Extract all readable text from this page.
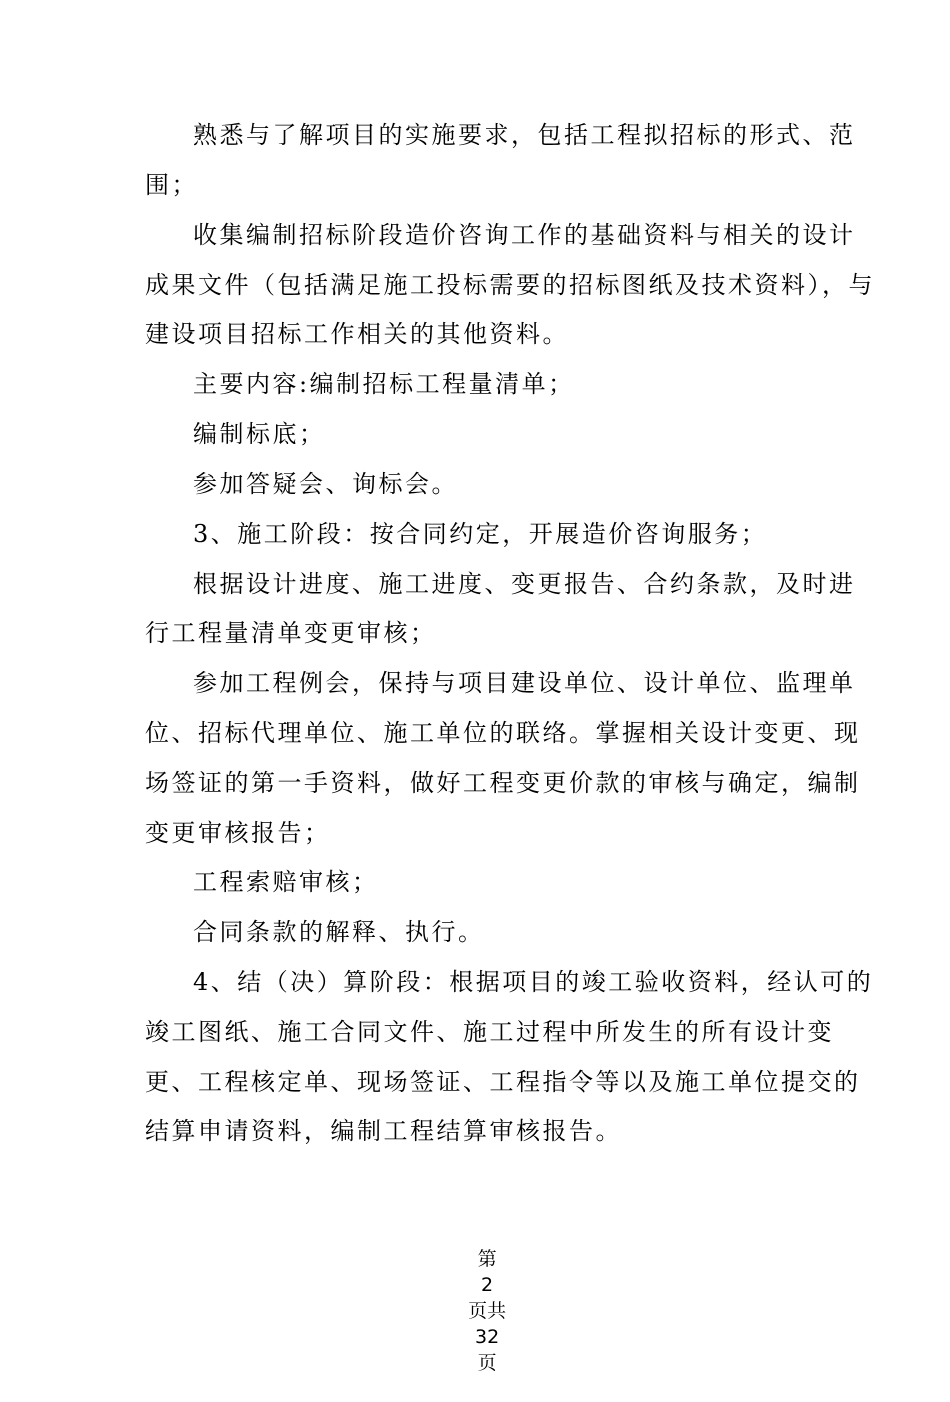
熟悉与了解项目的实施要求，包括工程拟招标的形式、范
围；
收集编制招标阶段造价咨询工作的基础资料与相关的设计
成果文件（包括满足施工投标需要的招标图纸及技术资料），与
建设项目招标工作相关的其他资料。
主要内容:编制招标工程量清单；
编制标底；
参加答疑会、询标会。
3、施工阶段：按合同约定，开展造价咨询服务；
根据设计进度、施工进度、变更报告、合约条款，及时进
行工程量清单变更审核；
参加工程例会，保持与项目建设单位、设计单位、监理单
位、招标代理单位、施工单位的联络。掌握相关设计变更、现
场签证的第一手资料，做好工程变更价款的审核与确定，编制
变更审核报告；
工程索赔审核；
合同条款的解释、执行。
4、结（决）算阶段：根据项目的竣工验收资料，经认可的
竣工图纸、施工合同文件、施工过程中所发生的所有设计变
更、工程核定单、现场签证、工程指令等以及施工单位提交的
结算申请资料，编制工程结算审核报告。

第
2
页共
32
页
